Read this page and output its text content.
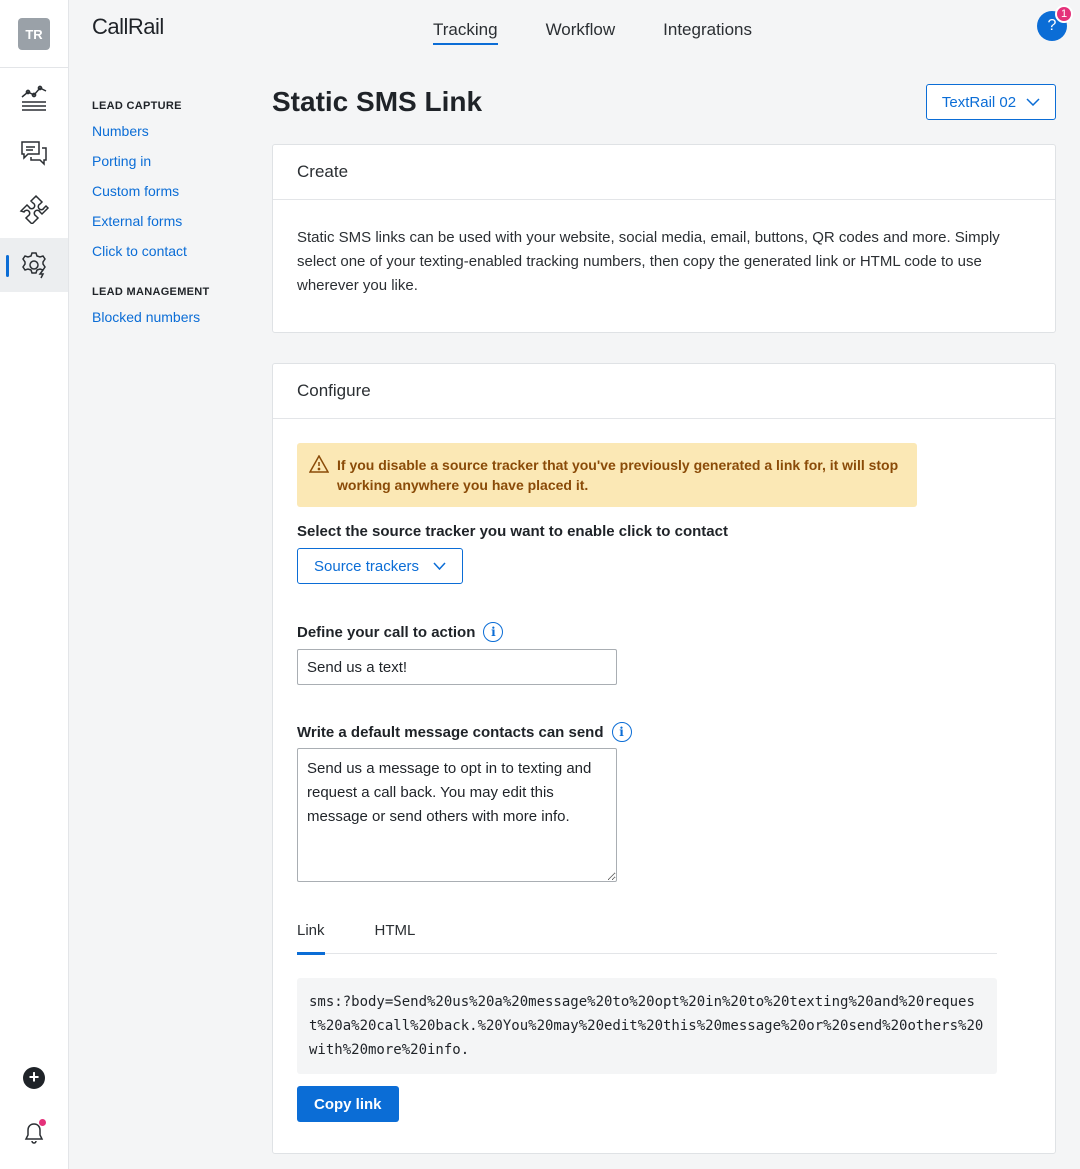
TR
+
CallRail	Tracking	Workflow	Integrations	?
1
LEAD CAPTURE
Numbers
Porting in
Custom forms
External forms
Click to contact
LEAD MANAGEMENT
Blocked numbers
Static SMS Link	TextRail 02
Create

Static SMS links can be used with your website, social media, email, buttons, QR codes and more. Simply select one of your texting-enabled tracking numbers, then copy the generated link or HTML code to use wherever you like.

Configure
If you disable a source tracker that you've previously generated a link for, it will stop working anywhere you have placed it.
Select the source tracker you want to enable click to contact
Source trackers
Define your call to action	i
Send us a text!
Write a default message contacts can send	i
Send us a message to opt in to texting and request a call back. You may edit this message or send others with more info.
Link	HTML
sms:?body=Send%20us%20a%20message%20to%20opt%20in%20to%20texting%20and%20request%20a%20call%20back.%20You%20may%20edit%20this%20message%20or%20send%20others%20with%20more%20info.
Copy link
